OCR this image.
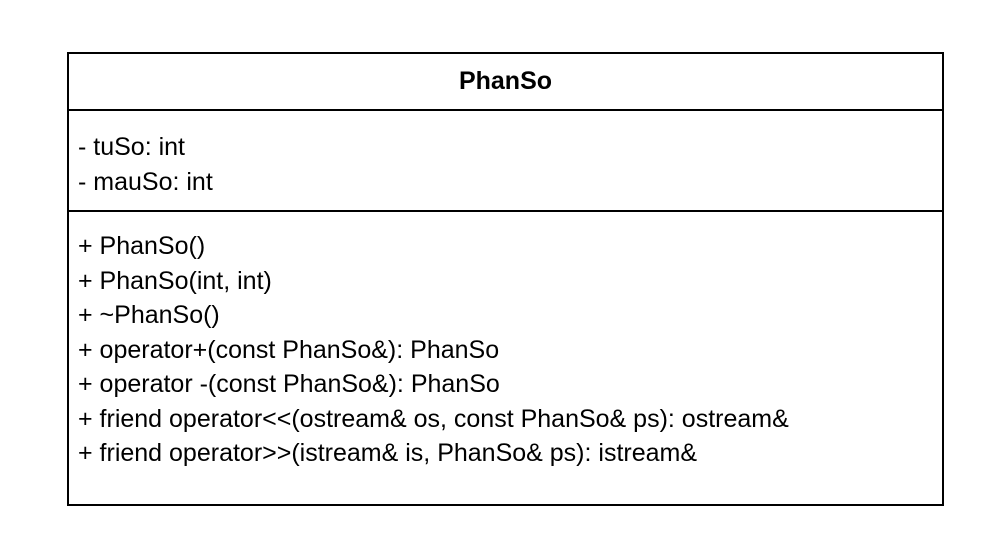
PhanSo
- tuSo: int
- mauSo: int
+ PhanSo()
+ PhanSo(int, int)
+ ~PhanSo()
+ operator+(const PhanSo&): PhanSo
+ operator -(const PhanSo&): PhanSo
+ friend operator<<(ostream& os, const PhanSo& ps): ostream&
+ friend operator>>(istream& is, PhanSo& ps): istream&
